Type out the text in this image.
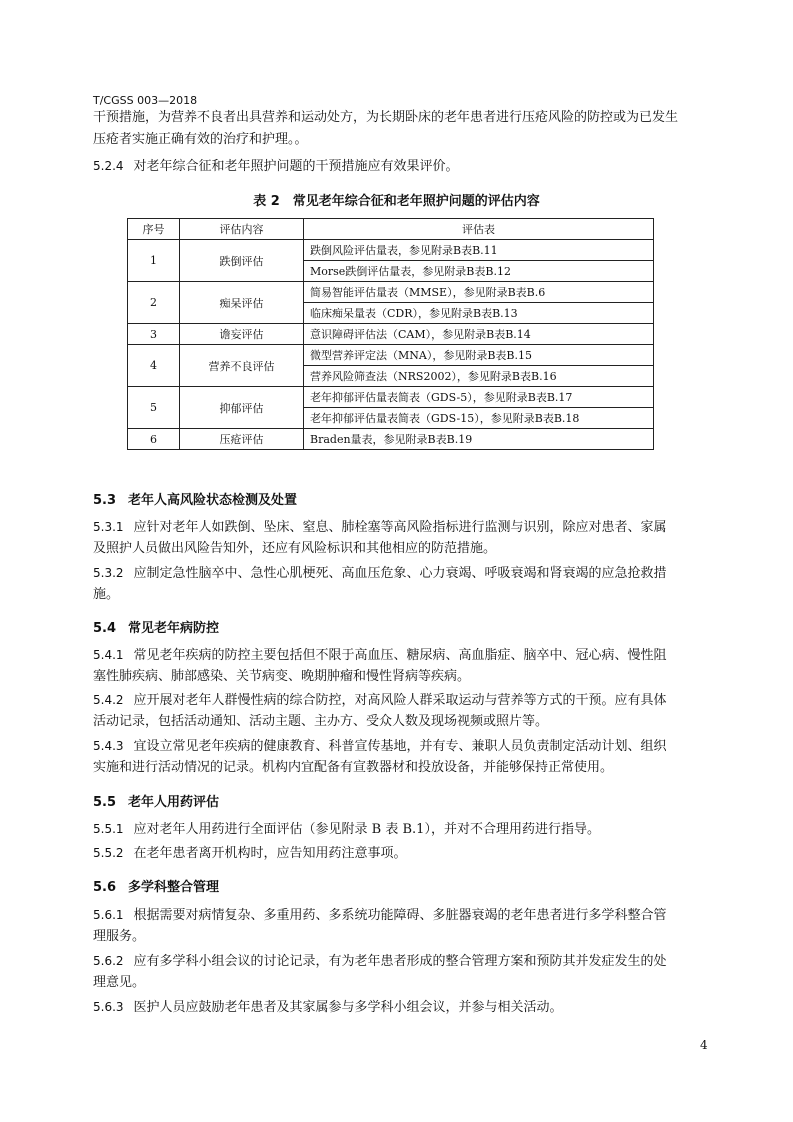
T/CGSS 003—2018
干预措施，为营养不良者出具营养和运动处方，为长期卧床的老年患者进行压疮风险的防控或为已发生
压疮者实施正确有效的治疗和护理。。
5.2.4 对老年综合征和老年照护问题的干预措施应有效果评价。
表 2　常见老年综合征和老年照护问题的评估内容
序号	评估内容	评估表
1	跌倒评估	跌倒风险评估量表，参见附录B表B.11
		Morse跌倒评估量表，参见附录B表B.12
2	痴呆评估	简易智能评估量表（MMSE），参见附录B表B.6
		临床痴呆量表（CDR），参见附录B表B.13
3	谵妄评估	意识障碍评估法（CAM），参见附录B表B.14
4	营养不良评估	微型营养评定法（MNA），参见附录B表B.15
		营养风险筛查法（NRS2002），参见附录B表B.16
5	抑郁评估	老年抑郁评估量表简表（GDS-5），参见附录B表B.17
		老年抑郁评估量表简表（GDS-15），参见附录B表B.18
6	压疮评估	Braden量表，参见附录B表B.19
5.3 老年人高风险状态检测及处置
5.3.1 应针对老年人如跌倒、坠床、窒息、肺栓塞等高风险指标进行监测与识别，除应对患者、家属
及照护人员做出风险告知外，还应有风险标识和其他相应的防范措施。
5.3.2 应制定急性脑卒中、急性心肌梗死、高血压危象、心力衰竭、呼吸衰竭和肾衰竭的应急抢救措
施。
5.4 常见老年病防控
5.4.1 常见老年疾病的防控主要包括但不限于高血压、糖尿病、高血脂症、脑卒中、冠心病、慢性阻
塞性肺疾病、肺部感染、关节病变、晚期肿瘤和慢性肾病等疾病。
5.4.2 应开展对老年人群慢性病的综合防控，对高风险人群采取运动与营养等方式的干预。应有具体
活动记录，包括活动通知、活动主题、主办方、受众人数及现场视频或照片等。
5.4.3 宜设立常见老年疾病的健康教育、科普宣传基地，并有专、兼职人员负责制定活动计划、组织
实施和进行活动情况的记录。机构内宜配备有宣教器材和投放设备，并能够保持正常使用。
5.5 老年人用药评估
5.5.1 应对老年人用药进行全面评估（参见附录 B 表 B.1），并对不合理用药进行指导。
5.5.2 在老年患者离开机构时，应告知用药注意事项。
5.6 多学科整合管理
5.6.1 根据需要对病情复杂、多重用药、多系统功能障碍、多脏器衰竭的老年患者进行多学科整合管
理服务。
5.6.2 应有多学科小组会议的讨论记录，有为老年患者形成的整合管理方案和预防其并发症发生的处
理意见。
5.6.3 医护人员应鼓励老年患者及其家属参与多学科小组会议，并参与相关活动。
4
